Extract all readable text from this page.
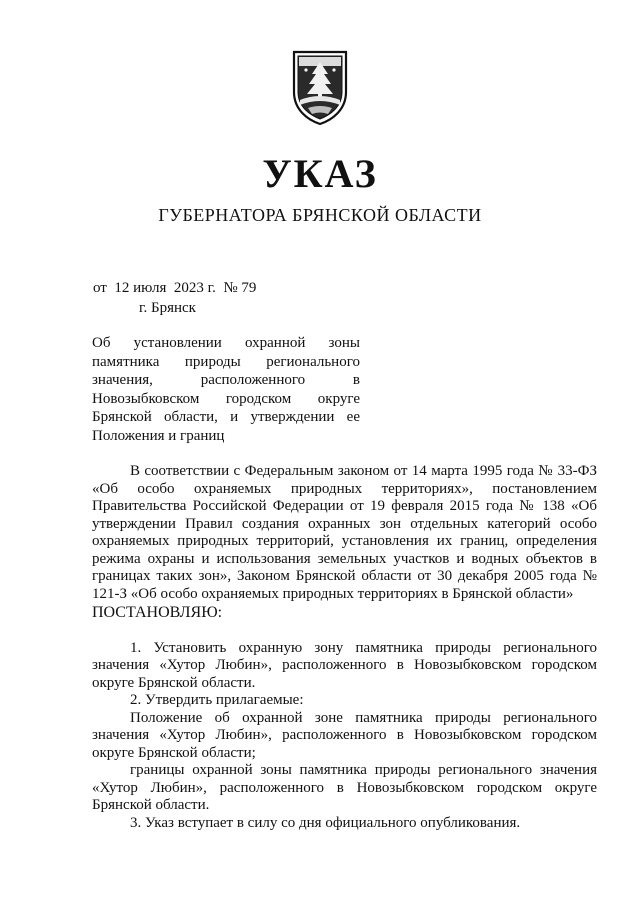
УКАЗ
ГУБЕРНАТОРА БРЯНСКОЙ ОБЛАСТИ
от  12 июля  2023 г.  № 79
г. Брянск
Об установлении охранной зоны памятника природы регионального значения, расположенного в Новозыбковском городском округе Брянской области, и утверждении ее Положения и границ

В соответствии с Федеральным законом от 14 марта 1995 года № 33-ФЗ «Об особо охраняемых природных территориях», постановлением Правительства Российской Федерации от 19 февраля 2015 года № 138 «Об утверждении Правил создания охранных зон отдельных категорий особо охраняемых природных территорий, установления их границ, определения режима охраны и использования земельных участков и водных объектов в границах таких зон», Законом Брянской области от 30 декабря 2005 года № 121-З «Об особо охраняемых природных территориях в Брянской области»

ПОСТАНОВЛЯЮ:

1. Установить охранную зону памятника природы регионального значения «Хутор Любин», расположенного в Новозыбковском городском округе Брянской области.

2. Утвердить прилагаемые:

Положение об охранной зоне памятника природы регионального значения «Хутор Любин», расположенного в Новозыбковском городском округе Брянской области;

границы охранной зоны памятника природы регионального значения «Хутор Любин», расположенного в Новозыбковском городском округе Брянской области.

3. Указ вступает в силу со дня официального опубликования.
